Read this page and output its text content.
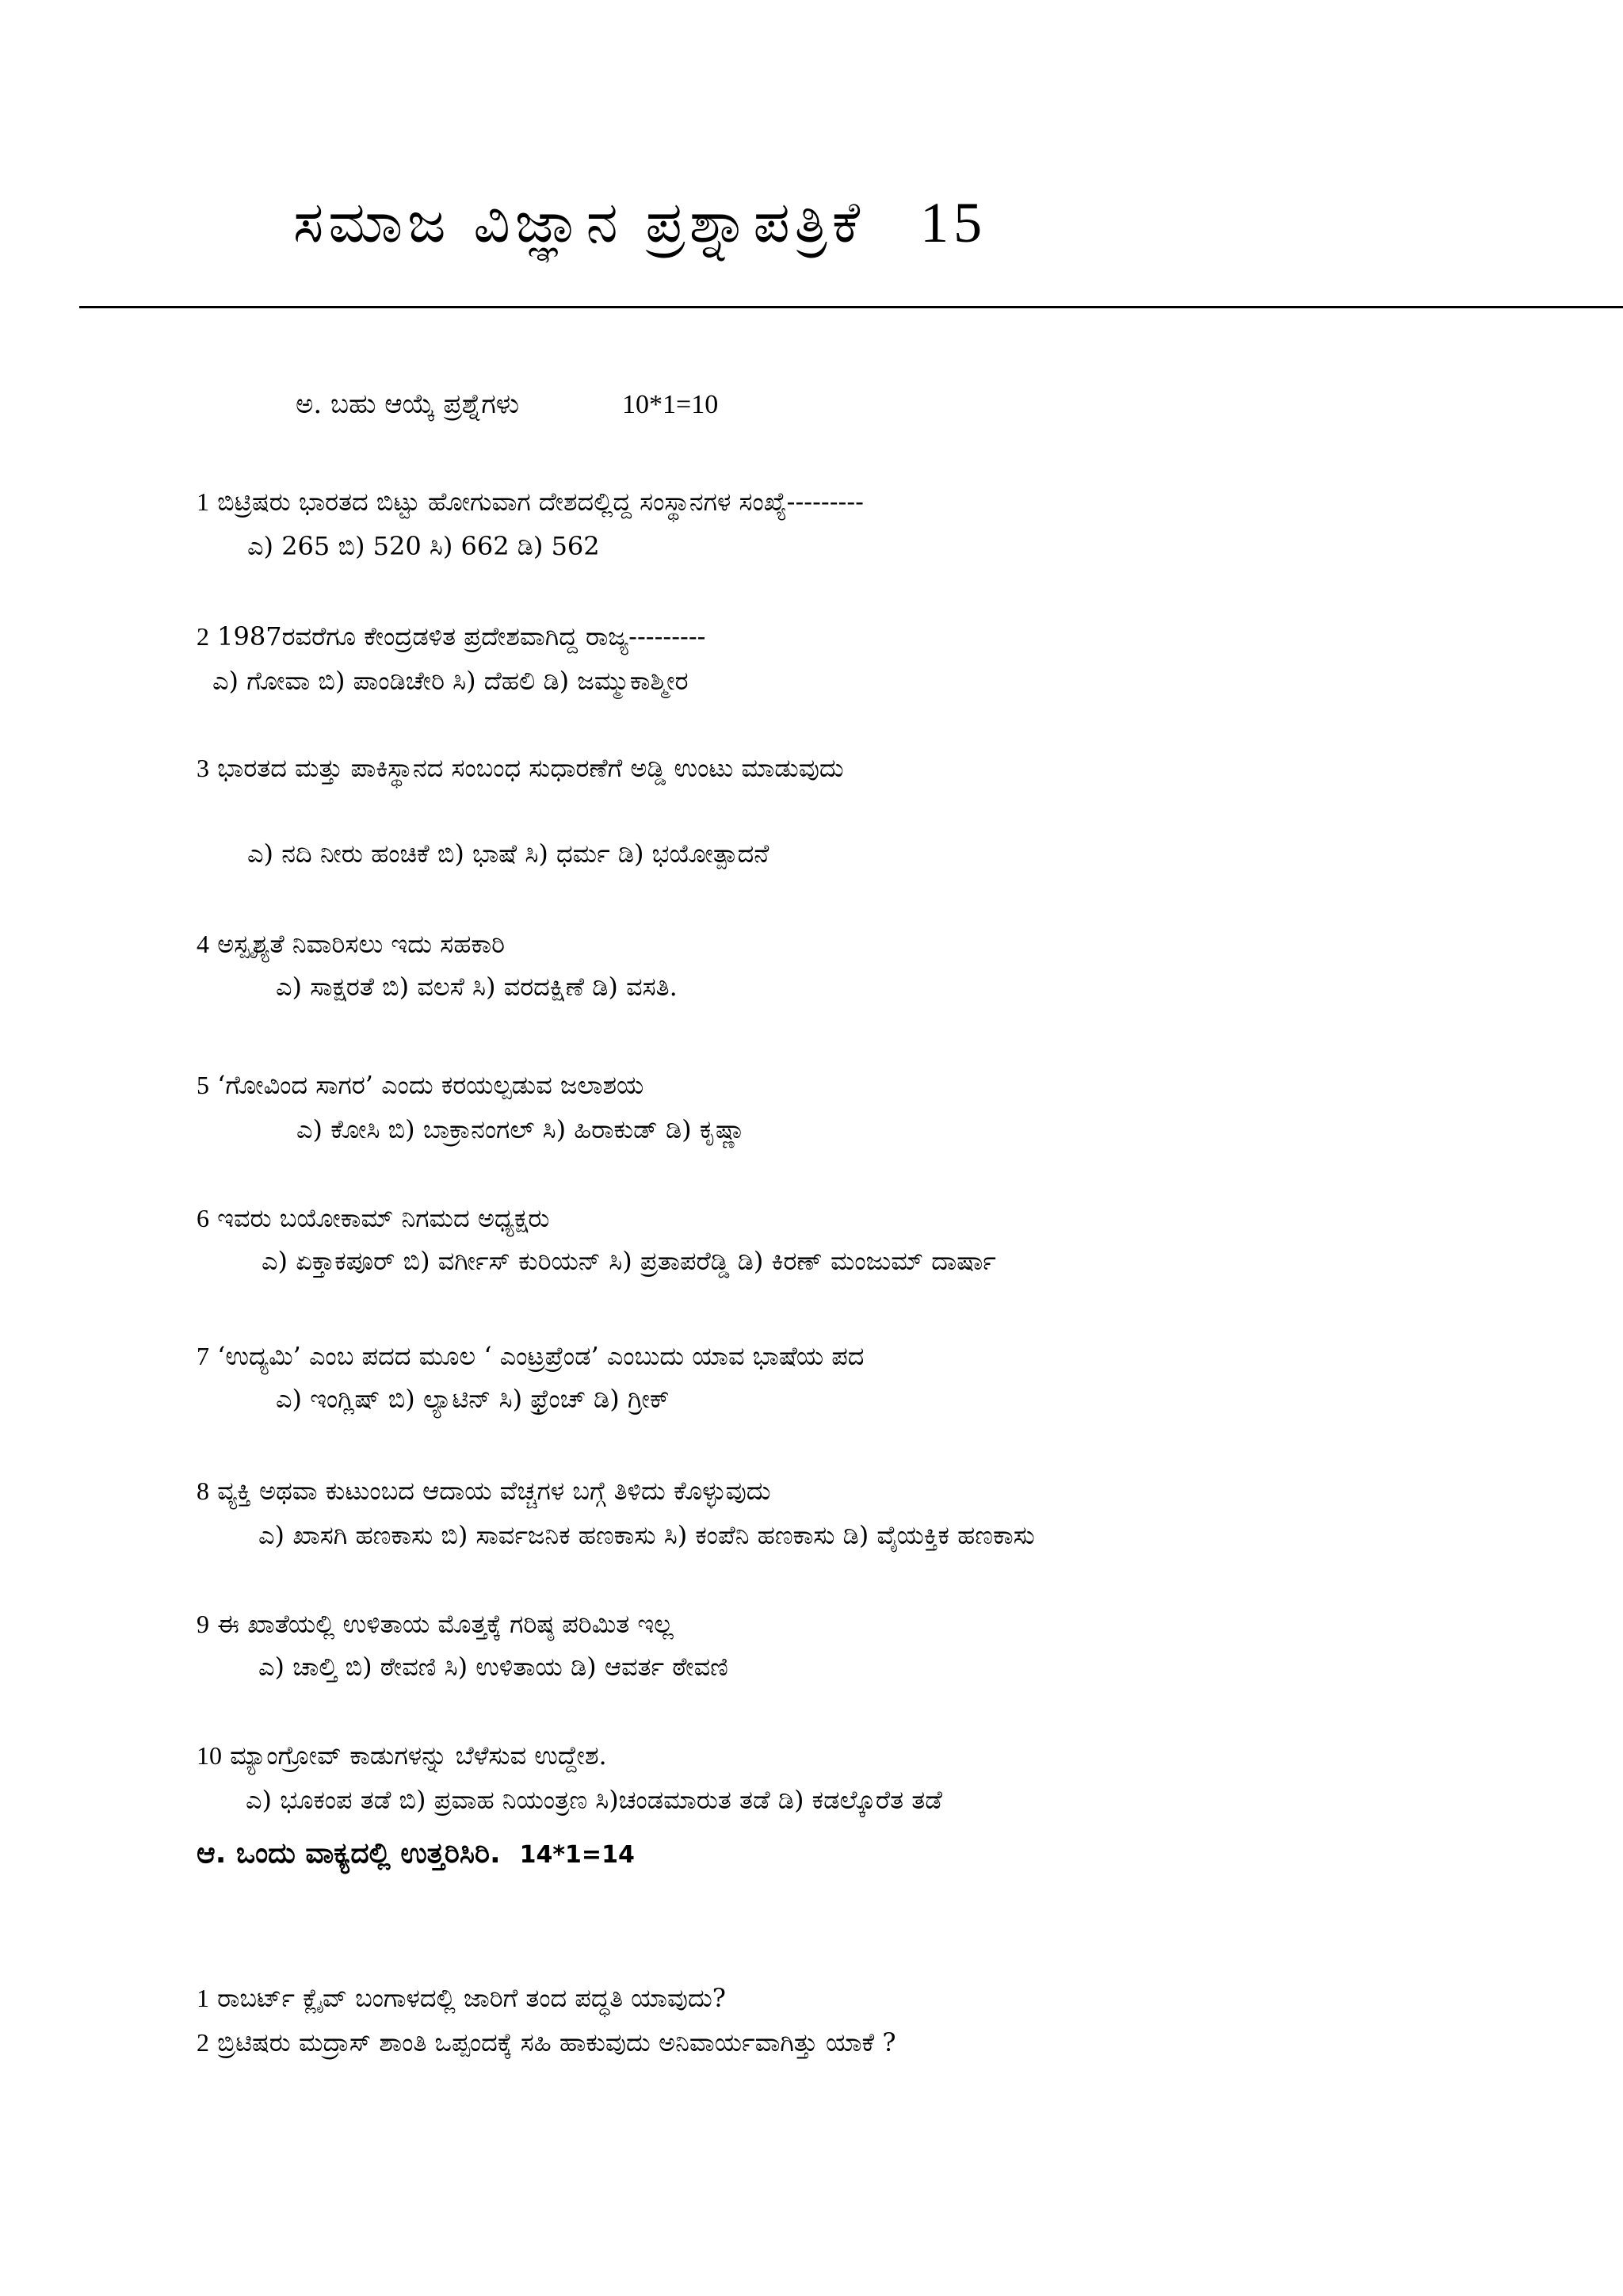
ಸಮಾಜ ವಿಜ್ಞಾನ ಪ್ರಶ್ನಾಪತ್ರಿಕೆ 15
ಅ. ಬಹು ಆಯ್ಕೆ ಪ್ರಶ್ನೆಗಳು	10*1=10
1 ಬಿಟ್ರಿಷರು ಭಾರತದ ಬಿಟ್ಟು ಹೋಗುವಾಗ ದೇಶದಲ್ಲಿದ್ದ ಸಂಸ್ಥಾನಗಳ ಸಂಖ್ಯೆ---------
ಎ) 265 ಬಿ) 520 ಸಿ) 662 ಡಿ) 562
2 1987ರವರೆಗೂ ಕೇಂದ್ರಡಳಿತ ಪ್ರದೇಶವಾಗಿದ್ದ ರಾಜ್ಯ---------
ಎ) ಗೋವಾ ಬಿ) ಪಾಂಡಿಚೇರಿ ಸಿ) ದೆಹಲಿ ಡಿ) ಜಮ್ಮುಕಾಶ್ಮೀರ
3 ಭಾರತದ ಮತ್ತು ಪಾಕಿಸ್ಥಾನದ ಸಂಬಂಧ ಸುಧಾರಣೆಗೆ ಅಡ್ಡಿ ಉಂಟು ಮಾಡುವುದು
ಎ) ನದಿ ನೀರು ಹಂಚಿಕೆ ಬಿ) ಭಾಷೆ ಸಿ) ಧರ್ಮ ಡಿ) ಭಯೋತ್ಪಾದನೆ
4 ಅಸ್ಪೃಶ್ಯತೆ ನಿವಾರಿಸಲು ಇದು ಸಹಕಾರಿ
ಎ) ಸಾಕ್ಷರತೆ ಬಿ) ವಲಸೆ ಸಿ) ವರದಕ್ಷಿಣೆ ಡಿ) ವಸತಿ.
5 ‘ಗೋವಿಂದ ಸಾಗರ’ ಎಂದು ಕರಯಲ್ಪಡುವ ಜಲಾಶಯ
ಎ) ಕೋಸಿ ಬಿ) ಬಾಕ್ರಾನಂಗಲ್ ಸಿ) ಹಿರಾಕುಡ್ ಡಿ) ಕೃಷ್ಣಾ
6 ಇವರು ಬಯೋಕಾಮ್ ನಿಗಮದ ಅಧ್ಯಕ್ಷರು
ಎ) ಏಕ್ತಾಕಪೂರ್ ಬಿ) ವರ್ಗೀಸ್ ಕುರಿಯನ್ ಸಿ) ಪ್ರತಾಪರೆಡ್ಡಿ ಡಿ) ಕಿರಣ್ ಮಂಜುಮ್ ದಾರ್ಷಾ
7 ‘ಉದ್ಯಮಿ’ ಎಂಬ ಪದದ ಮೂಲ ‘ ಎಂಟ್ರಪ್ರೆಂಡ’ ಎಂಬುದು ಯಾವ ಭಾಷೆಯ ಪದ
ಎ) ಇಂಗ್ಲಿಷ್ ಬಿ) ಲ್ಯಾಟಿನ್ ಸಿ) ಫ್ರೆಂಚ್ ಡಿ) ಗ್ರೀಕ್
8 ವ್ಯಕ್ತಿ ಅಥವಾ ಕುಟುಂಬದ ಆದಾಯ ವೆಚ್ಚಗಳ ಬಗ್ಗೆ ತಿಳಿದು ಕೊಳ್ಳುವುದು
ಎ) ಖಾಸಗಿ ಹಣಕಾಸು ಬಿ) ಸಾರ್ವಜನಿಕ ಹಣಕಾಸು ಸಿ) ಕಂಪೆನಿ ಹಣಕಾಸು ಡಿ) ವೈಯಕ್ತಿಕ ಹಣಕಾಸು
9 ಈ ಖಾತೆಯಲ್ಲಿ ಉಳಿತಾಯ ಮೊತ್ತಕ್ಕೆ ಗರಿಷ್ಠ ಪರಿಮಿತ ಇಲ್ಲ
ಎ) ಚಾಲ್ತಿ ಬಿ) ಠೇವಣಿ ಸಿ) ಉಳಿತಾಯ ಡಿ) ಆವರ್ತ ಠೇವಣಿ
10 ಮ್ಯಾಂಗ್ರೋವ್ ಕಾಡುಗಳನ್ನು ಬೆಳೆಸುವ ಉದ್ದೇಶ.
ಎ) ಭೂಕಂಪ ತಡೆ ಬಿ) ಪ್ರವಾಹ ನಿಯಂತ್ರಣ ಸಿ)ಚಂಡಮಾರುತ ತಡೆ ಡಿ) ಕಡಲ್ಕೊರೆತ ತಡೆ
ಆ. ಒಂದು ವಾಕ್ಯದಲ್ಲಿ ಉತ್ತರಿಸಿರಿ. 14*1=14
1 ರಾಬರ್ಟ್ ಕ್ಲೈವ್ ಬಂಗಾಳದಲ್ಲಿ ಜಾರಿಗೆ ತಂದ ಪದ್ಧತಿ ಯಾವುದು?
2 ಬ್ರಿಟಿಷರು ಮದ್ರಾಸ್ ಶಾಂತಿ ಒಪ್ಪಂದಕ್ಕೆ ಸಹಿ ಹಾಕುವುದು ಅನಿವಾರ್ಯವಾಗಿತ್ತು ಯಾಕೆ ?
